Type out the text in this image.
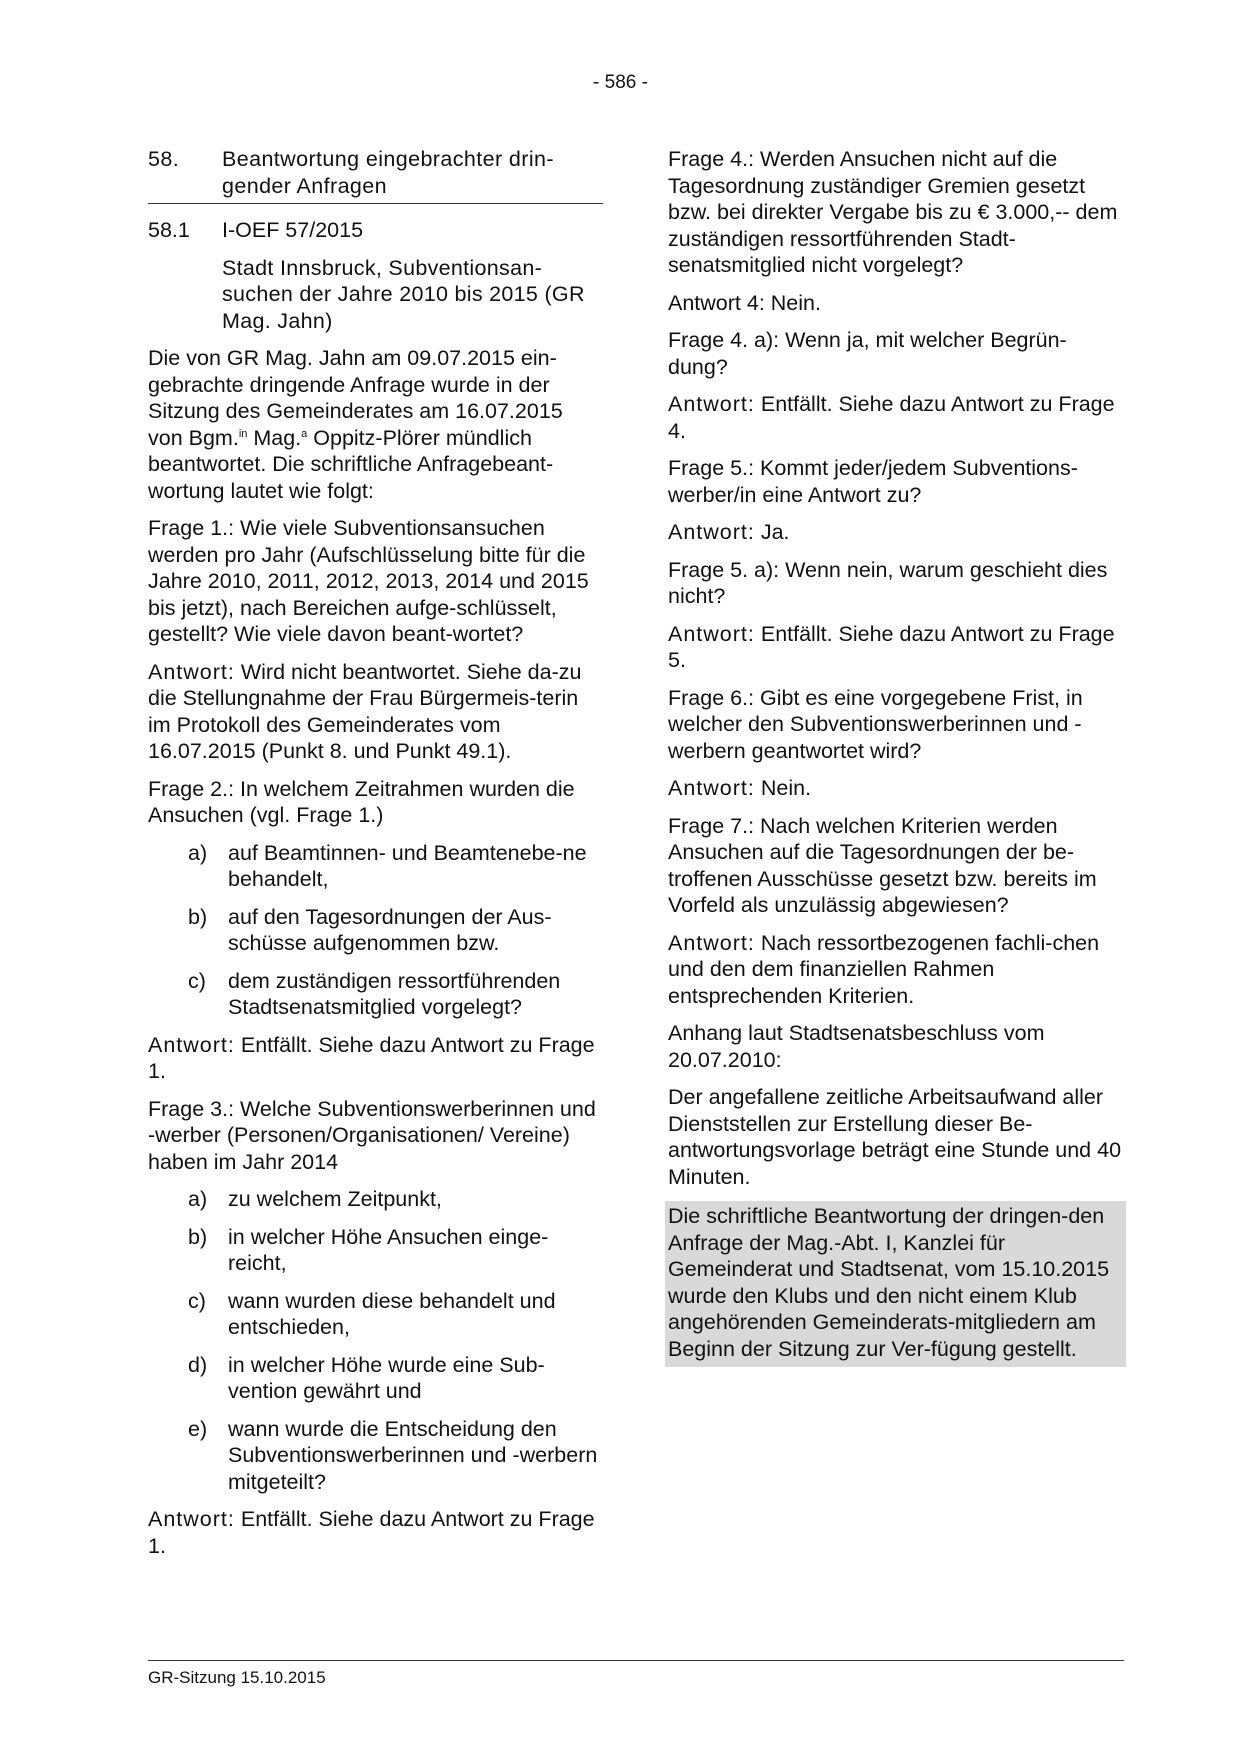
- 586 -
58.	Beantwortung eingebrachter drin-gender Anfragen
58.1	I-OEF 57/2015

Stadt Innsbruck, Subventionsan-suchen der Jahre 2010 bis 2015 (GR Mag. Jahn)

Die von GR Mag. Jahn am 09.07.2015 ein-gebrachte dringende Anfrage wurde in der Sitzung des Gemeinderates am 16.07.2015 von Bgm.$^{in}$ Mag.$^a$ Oppitz-Plörer mündlich beantwortet. Die schriftliche Anfragebeant-wortung lautet wie folgt:

Frage 1.: Wie viele Subventionsansuchen werden pro Jahr (Aufschlüsselung bitte für die Jahre 2010, 2011, 2012, 2013, 2014 und 2015 bis jetzt), nach Bereichen aufge-schlüsselt, gestellt? Wie viele davon beant-wortet?

Antwort: Wird nicht beantwortet. Siehe da-zu die Stellungnahme der Frau Bürgermeis-terin im Protokoll des Gemeinderates vom 16.07.2015 (Punkt 8. und Punkt 49.1).

Frage 2.: In welchem Zeitrahmen wurden die Ansuchen (vgl. Frage 1.)

a) auf Beamtinnen- und Beamtenebe-ne behandelt,
b) auf den Tagesordnungen der Aus-schüsse aufgenommen bzw.
c)	dem zuständigen ressortführenden Stadtsenatsmitglied vorgelegt?

Antwort: Entfällt. Siehe dazu Antwort zu Frage 1.

Frage 3.: Welche Subventionswerberinnen und -werber (Personen/Organisationen/ Vereine) haben im Jahr 2014

a) zu welchem Zeitpunkt,
b) in welcher Höhe Ansuchen einge-reicht,
c)	wann wurden diese behandelt und entschieden,
d) in welcher Höhe wurde eine Sub-vention gewährt und
e) wann wurde die Entscheidung den Subventionswerberinnen und -werbern mitgeteilt?

Antwort: Entfällt. Siehe dazu Antwort zu Frage 1.

Frage 4.: Werden Ansuchen nicht auf die Tagesordnung zuständiger Gremien gesetzt bzw. bei direkter Vergabe bis zu € 3.000,-- dem zuständigen ressortführenden Stadt-senatsmitglied nicht vorgelegt?

Antwort 4: Nein.

Frage 4. a): Wenn ja, mit welcher Begrün-dung?

Antwort: Entfällt. Siehe dazu Antwort zu Frage 4.

Frage 5.: Kommt jeder/jedem Subventions-werber/in eine Antwort zu?

Antwort: Ja.

Frage 5. a): Wenn nein, warum geschieht dies nicht?

Antwort: Entfällt. Siehe dazu Antwort zu Frage 5.

Frage 6.: Gibt es eine vorgegebene Frist, in welcher den Subventionswerberinnen und -werbern geantwortet wird?

Antwort: Nein.

Frage 7.: Nach welchen Kriterien werden Ansuchen auf die Tagesordnungen der be-troffenen Ausschüsse gesetzt bzw. bereits im Vorfeld als unzulässig abgewiesen?

Antwort: Nach ressortbezogenen fachli-chen und den dem finanziellen Rahmen entsprechenden Kriterien.

Anhang laut Stadtsenatsbeschluss vom 20.07.2010:

Der angefallene zeitliche Arbeitsaufwand aller Dienststellen zur Erstellung dieser Be-antwortungsvorlage beträgt eine Stunde und 40 Minuten.

Die schriftliche Beantwortung der dringen-den Anfrage der Mag.-Abt. I, Kanzlei für Gemeinderat und Stadtsenat, vom 15.10.2015 wurde den Klubs und den nicht einem Klub angehörenden Gemeinderats-mitgliedern am Beginn der Sitzung zur Ver-fügung gestellt.

GR-Sitzung 15.10.2015
